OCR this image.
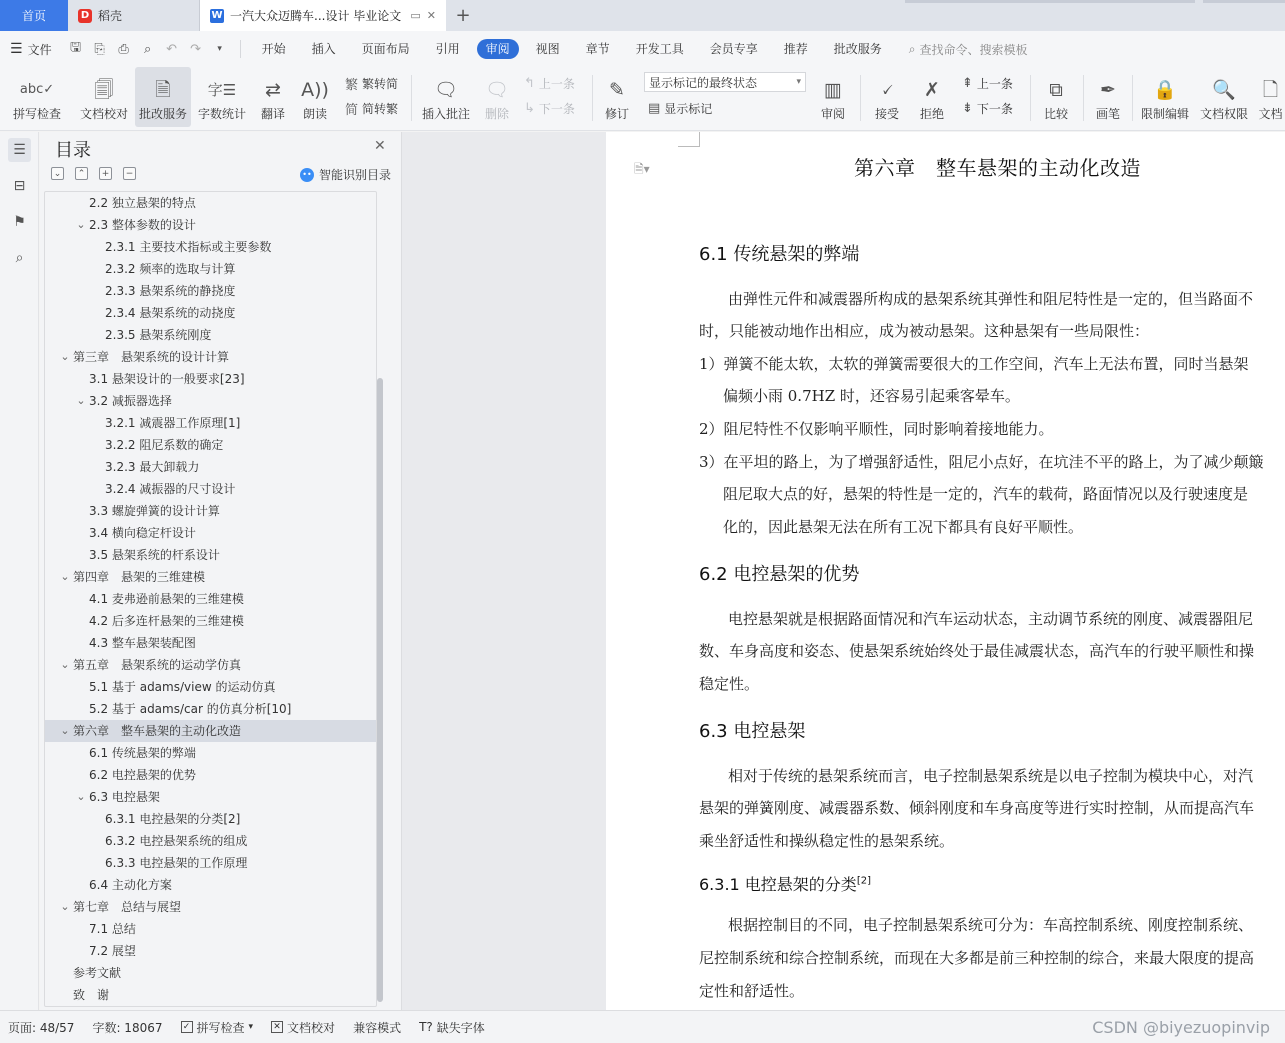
首页	D 稻壳	W 一汽大众迈腾车...设计 毕业论文 ▭ ✕ +
☰ 文件	🖫	⎘	⎙	⌕	↶	↷	▾	开始	插入	页面布局	引用	审阅	视图	章节	开发工具	会员专享	推荐	批改服务	⌕ 查找命令、搜索模板
abc✓
拼写检查
🗐
文档校对
🗎
批改服务
字☰
字数统计
⇄
翻译
A))
朗读
繁 繁转简
简 简转繁
🗨
插入批注
🗨
删除
↰ 上一条
↳ 下一条
✎
修订
显示标记的最终状态	▾
▤ 显示标记
▥
审阅
🗸
接受
✗
拒绝
⇞ 上一条
⇟ 下一条
⧉
比较
✒
画笔
🔒
限制编辑
🔍
文档权限
🗋
文档
☰
⊟
⚑
⌕
目录	✕
⌄	⌃	+	−	•• 智能识别目录
2.2 独立悬架的特点
⌄ 2.3 整体参数的设计
2.3.1 主要技术指标或主要参数
2.3.2 频率的选取与计算
2.3.3 悬架系统的静挠度
2.3.4 悬架系统的动挠度
2.3.5 悬架系统刚度
⌄ 第三章　悬架系统的设计计算
3.1 悬架设计的一般要求[23]
⌄ 3.2 减振器选择
3.2.1 减震器工作原理[1]
3.2.2 阻尼系数的确定
3.2.3 最大卸载力
3.2.4 减振器的尺寸设计
3.3 螺旋弹簧的设计计算
3.4 横向稳定杆设计
3.5 悬架系统的杆系设计
⌄ 第四章　悬架的三维建模
4.1 麦弗逊前悬架的三维建模
4.2 后多连杆悬架的三维建模
4.3 整车悬架装配图
⌄ 第五章　悬架系统的运动学仿真
5.1 基于 adams/view 的运动仿真
5.2 基于 adams/car 的仿真分析[10]
⌄ 第六章　整车悬架的主动化改造
6.1 传统悬架的弊端
6.2 电控悬架的优势
⌄ 6.3 电控悬架
6.3.1 电控悬架的分类[2]
6.3.2 电控悬架系统的组成
6.3.3 电控悬架的工作原理
6.4 主动化方案
⌄ 第七章　总结与展望
7.1 总结
7.2 展望
参考文献
致　谢
🗎▾	第六章　整车悬架的主动化改造
6.1 传统悬架的弊端
由弹性元件和减震器所构成的悬架系统其弹性和阻尼特性是一定的，但当路面不
时，只能被动地作出相应，成为被动悬架。这种悬架有一些局限性：
1）弹簧不能太软，太软的弹簧需要很大的工作空间，汽车上无法布置，同时当悬架
偏频小雨 0.7HZ 时，还容易引起乘客晕车。
2）阻尼特性不仅影响平顺性，同时影响着接地能力。
3）在平坦的路上，为了增强舒适性，阻尼小点好，在坑洼不平的路上，为了减少颠簸
阻尼取大点的好，悬架的特性是一定的，汽车的载荷，路面情况以及行驶速度是
化的，因此悬架无法在所有工况下都具有良好平顺性。
6.2 电控悬架的优势
电控悬架就是根据路面情况和汽车运动状态，主动调节系统的刚度、减震器阻尼
数、车身高度和姿态、使悬架系统始终处于最佳减震状态，高汽车的行驶平顺性和操
稳定性。
6.3 电控悬架
相对于传统的悬架系统而言，电子控制悬架系统是以电子控制为模块中心，对汽
悬架的弹簧刚度、减震器系数、倾斜刚度和车身高度等进行实时控制，从而提高汽车
乘坐舒适性和操纵稳定性的悬架系统。
6.3.1 电控悬架的分类[2]
根据控制目的不同，电子控制悬架系统可分为：车高控制系统、刚度控制系统、
尼控制系统和综合控制系统，而现在大多都是前三种控制的综合，来最大限度的提高
定性和舒适性。
页面: 48/57 字数: 18067 ✓ 拼写检查 ▾ ✕ 文档校对 兼容模式 T? 缺失字体	CSDN @biyezuopinvip
